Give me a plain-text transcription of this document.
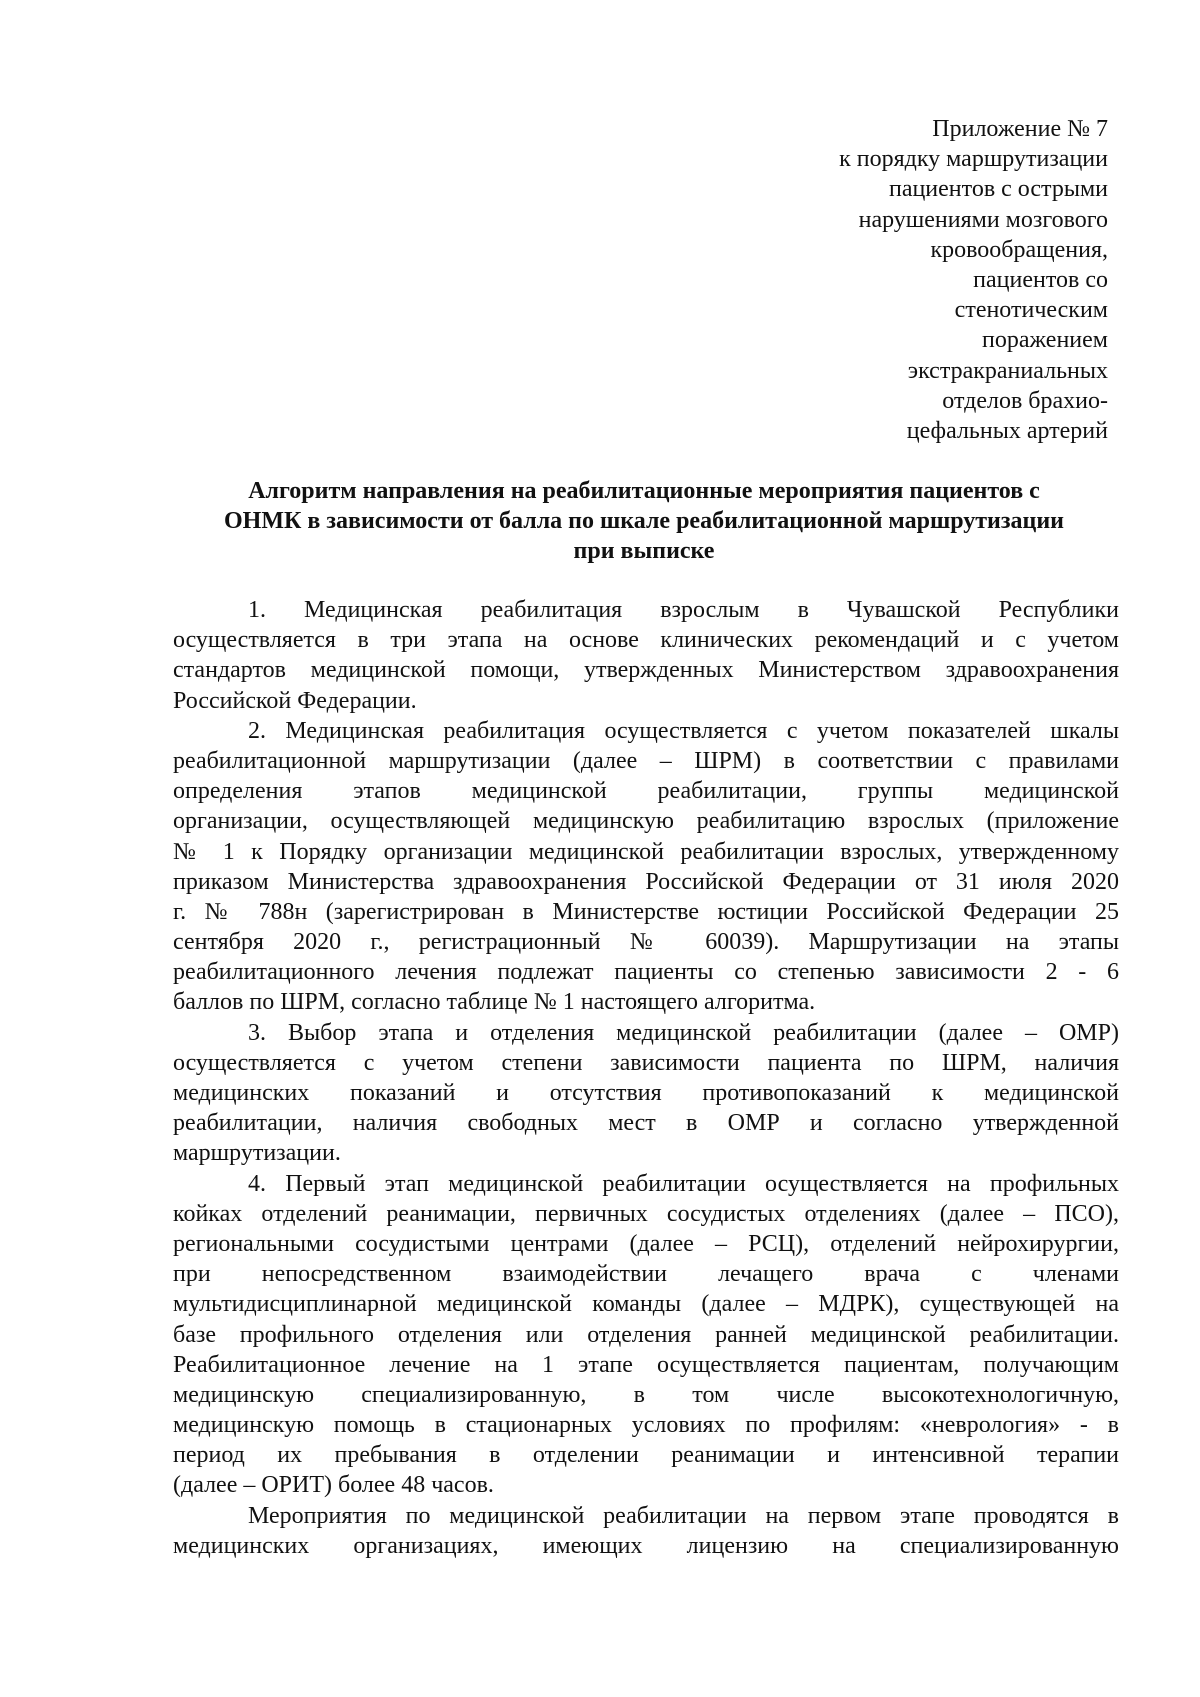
Приложение № 7
к порядку маршрутизации
пациентов с острыми
нарушениями мозгового
кровообращения,
пациентов со
стенотическим
поражением
экстракраниальных
отделов брахио-
цефальных артерий
Алгоритм направления на реабилитационные мероприятия пациентов с
ОНМК в зависимости от балла по шкале реабилитационной маршрутизации
при выписке
1. Медицинская реабилитация взрослым в Чувашской Республики
осуществляется в три этапа на основе клинических рекомендаций и с учетом
стандартов медицинской помощи, утвержденных Министерством здравоохранения
Российской Федерации.
2. Медицинская реабилитация осуществляется с учетом показателей шкалы
реабилитационной маршрутизации (далее – ШРМ) в соответствии с правилами
определения этапов медицинской реабилитации, группы медицинской
организации, осуществляющей медицинскую реабилитацию взрослых (приложение
№ 1 к Порядку организации медицинской реабилитации взрослых, утвержденному
приказом Министерства здравоохранения Российской Федерации от 31 июля 2020
г. № 788н (зарегистрирован в Министерстве юстиции Российской Федерации 25
сентября 2020 г., регистрационный № 60039). Маршрутизации на этапы
реабилитационного лечения подлежат пациенты со степенью зависимости 2 - 6
баллов по ШРМ, согласно таблице № 1 настоящего алгоритма.
3. Выбор этапа и отделения медицинской реабилитации (далее – ОМР)
осуществляется с учетом степени зависимости пациента по ШРМ, наличия
медицинских показаний и отсутствия противопоказаний к медицинской
реабилитации, наличия свободных мест в ОМР и согласно утвержденной
маршрутизации.
4. Первый этап медицинской реабилитации осуществляется на профильных
койках отделений реанимации, первичных сосудистых отделениях (далее – ПСО),
региональными сосудистыми центрами (далее – РСЦ), отделений нейрохирургии,
при непосредственном взаимодействии лечащего врача с членами
мультидисциплинарной медицинской команды (далее – МДРК), существующей на
базе профильного отделения или отделения ранней медицинской реабилитации.
Реабилитационное лечение на 1 этапе осуществляется пациентам, получающим
медицинскую специализированную, в том числе высокотехнологичную,
медицинскую помощь в стационарных условиях по профилям: «неврология» - в
период их пребывания в отделении реанимации и интенсивной терапии
(далее – ОРИТ) более 48 часов.
Мероприятия по медицинской реабилитации на первом этапе проводятся в
медицинских организациях, имеющих лицензию на специализированную
